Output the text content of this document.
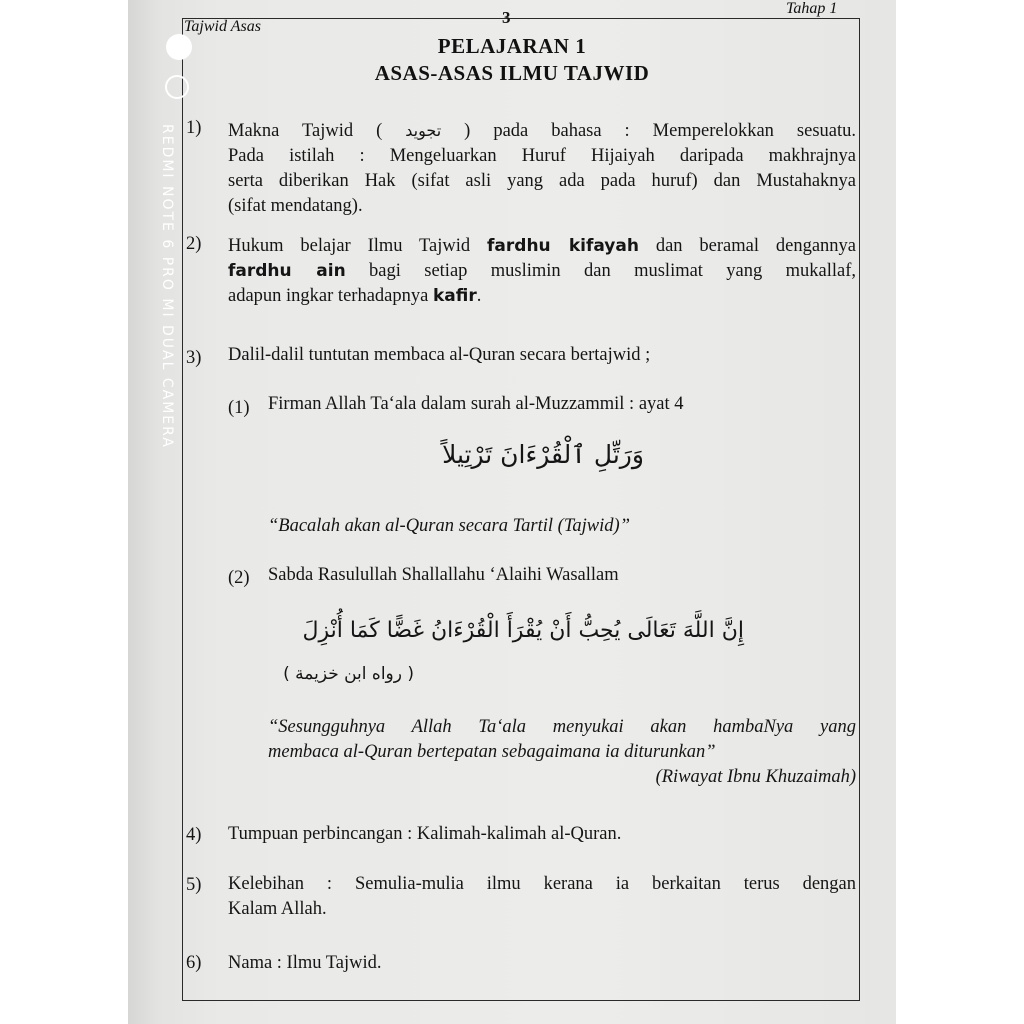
Tajwid Asas	3	Tahap 1
PELAJARAN 1
ASAS-ASAS ILMU TAJWID
1) Makna Tajwid ( تجويد ) pada bahasa : Memperelokkan sesuatu.
Pada istilah : Mengeluarkan Huruf Hijaiyah daripada makhrajnya
serta diberikan Hak (sifat asli yang ada pada huruf) dan Mustahaknya
(sifat mendatang).
2) Hukum belajar Ilmu Tajwid fardhu kifayah dan beramal dengannya
fardhu ain bagi setiap muslimin dan muslimat yang mukallaf,
adapun ingkar terhadapnya kafir.
3) Dalil-dalil tuntutan membaca al-Quran secara bertajwid ;
(1) Firman Allah Ta‘ala dalam surah al-Muzzammil : ayat 4
وَرَتِّلِ ٱلْقُرْءَانَ تَرْتِيلاً
“Bacalah akan al-Quran secara Tartil (Tajwid)”
(2) Sabda Rasulullah Shallallahu ‘Alaihi Wasallam
إِنَّ اللَّهَ تَعَالَى يُحِبُّ أَنْ يُقْرَأَ الْقُرْءَانُ غَضًّا كَمَا أُنْزِلَ
( رواه ابن خزيمة )
“Sesungguhnya Allah Ta‘ala menyukai akan hambaNya yang
membaca al-Quran bertepatan sebagaimana ia diturunkan”
(Riwayat Ibnu Khuzaimah)
4) Tumpuan perbincangan : Kalimah-kalimah al-Quran.
5) Kelebihan : Semulia-mulia ilmu kerana ia berkaitan terus dengan
Kalam Allah.
6) Nama : Ilmu Tajwid.
REDMI NOTE 6 PRO MI DUAL CAMERA
